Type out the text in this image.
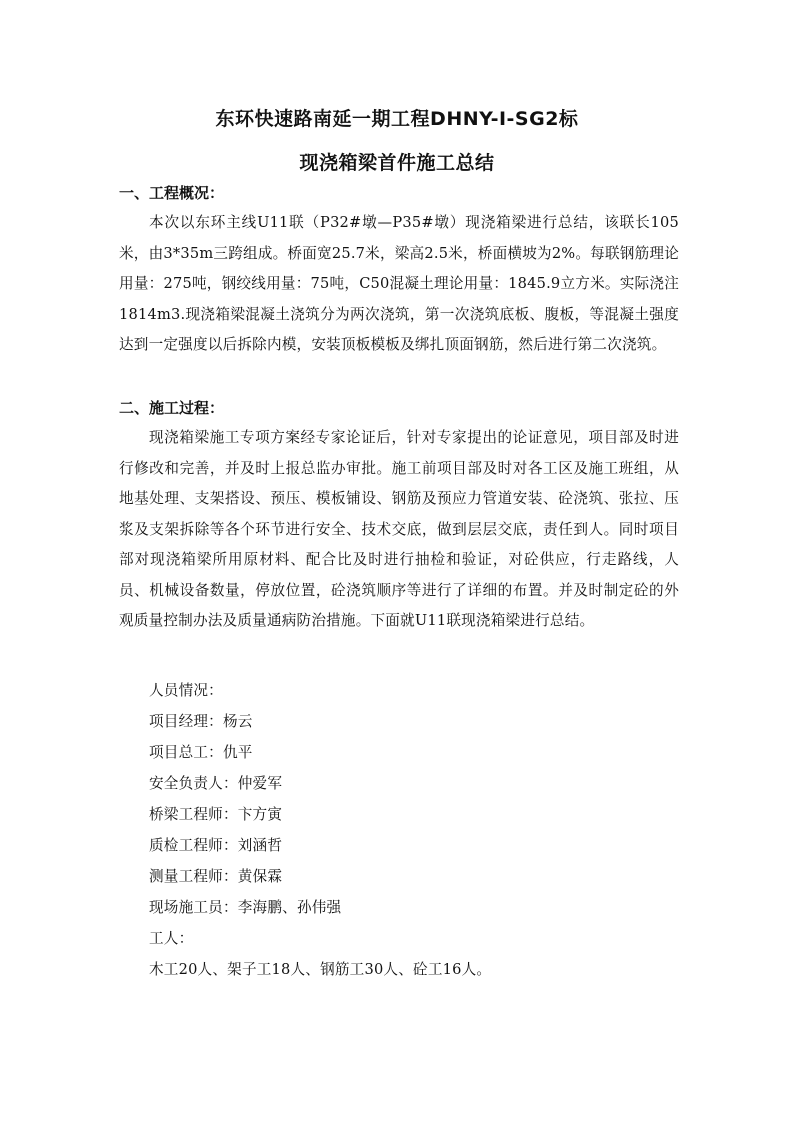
东环快速路南延一期工程DHNY-Ⅰ-SG2标
现浇箱梁首件施工总结
一、工程概况：
本次以东环主线U11联（P32#墩—P35#墩）现浇箱梁进行总结，该联长105米，由3*35m三跨组成。桥面宽25.7米，梁高2.5米，桥面横坡为2%。每联钢筋理论用量：275吨，钢绞线用量：75吨，C50混凝土理论用量：1845.9立方米。实际浇注1814m3.现浇箱梁混凝土浇筑分为两次浇筑，第一次浇筑底板、腹板，等混凝土强度达到一定强度以后拆除内模，安装顶板模板及绑扎顶面钢筋，然后进行第二次浇筑。
二、施工过程：
现浇箱梁施工专项方案经专家论证后，针对专家提出的论证意见，项目部及时进行修改和完善，并及时上报总监办审批。施工前项目部及时对各工区及施工班组，从地基处理、支架搭设、预压、模板铺设、钢筋及预应力管道安装、砼浇筑、张拉、压浆及支架拆除等各个环节进行安全、技术交底，做到层层交底，责任到人。同时项目部对现浇箱梁所用原材料、配合比及时进行抽检和验证，对砼供应，行走路线，人员、机械设备数量，停放位置，砼浇筑顺序等进行了详细的布置。并及时制定砼的外观质量控制办法及质量通病防治措施。下面就U11联现浇箱梁进行总结。
人员情况：
项目经理：杨云
项目总工：仇平
安全负责人：仲爱军
桥梁工程师：卞方寅
质检工程师：刘涵哲
测量工程师：黄保霖
现场施工员：李海鹏、孙伟强
工人：
木工20人、架子工18人、钢筋工30人、砼工16人。
